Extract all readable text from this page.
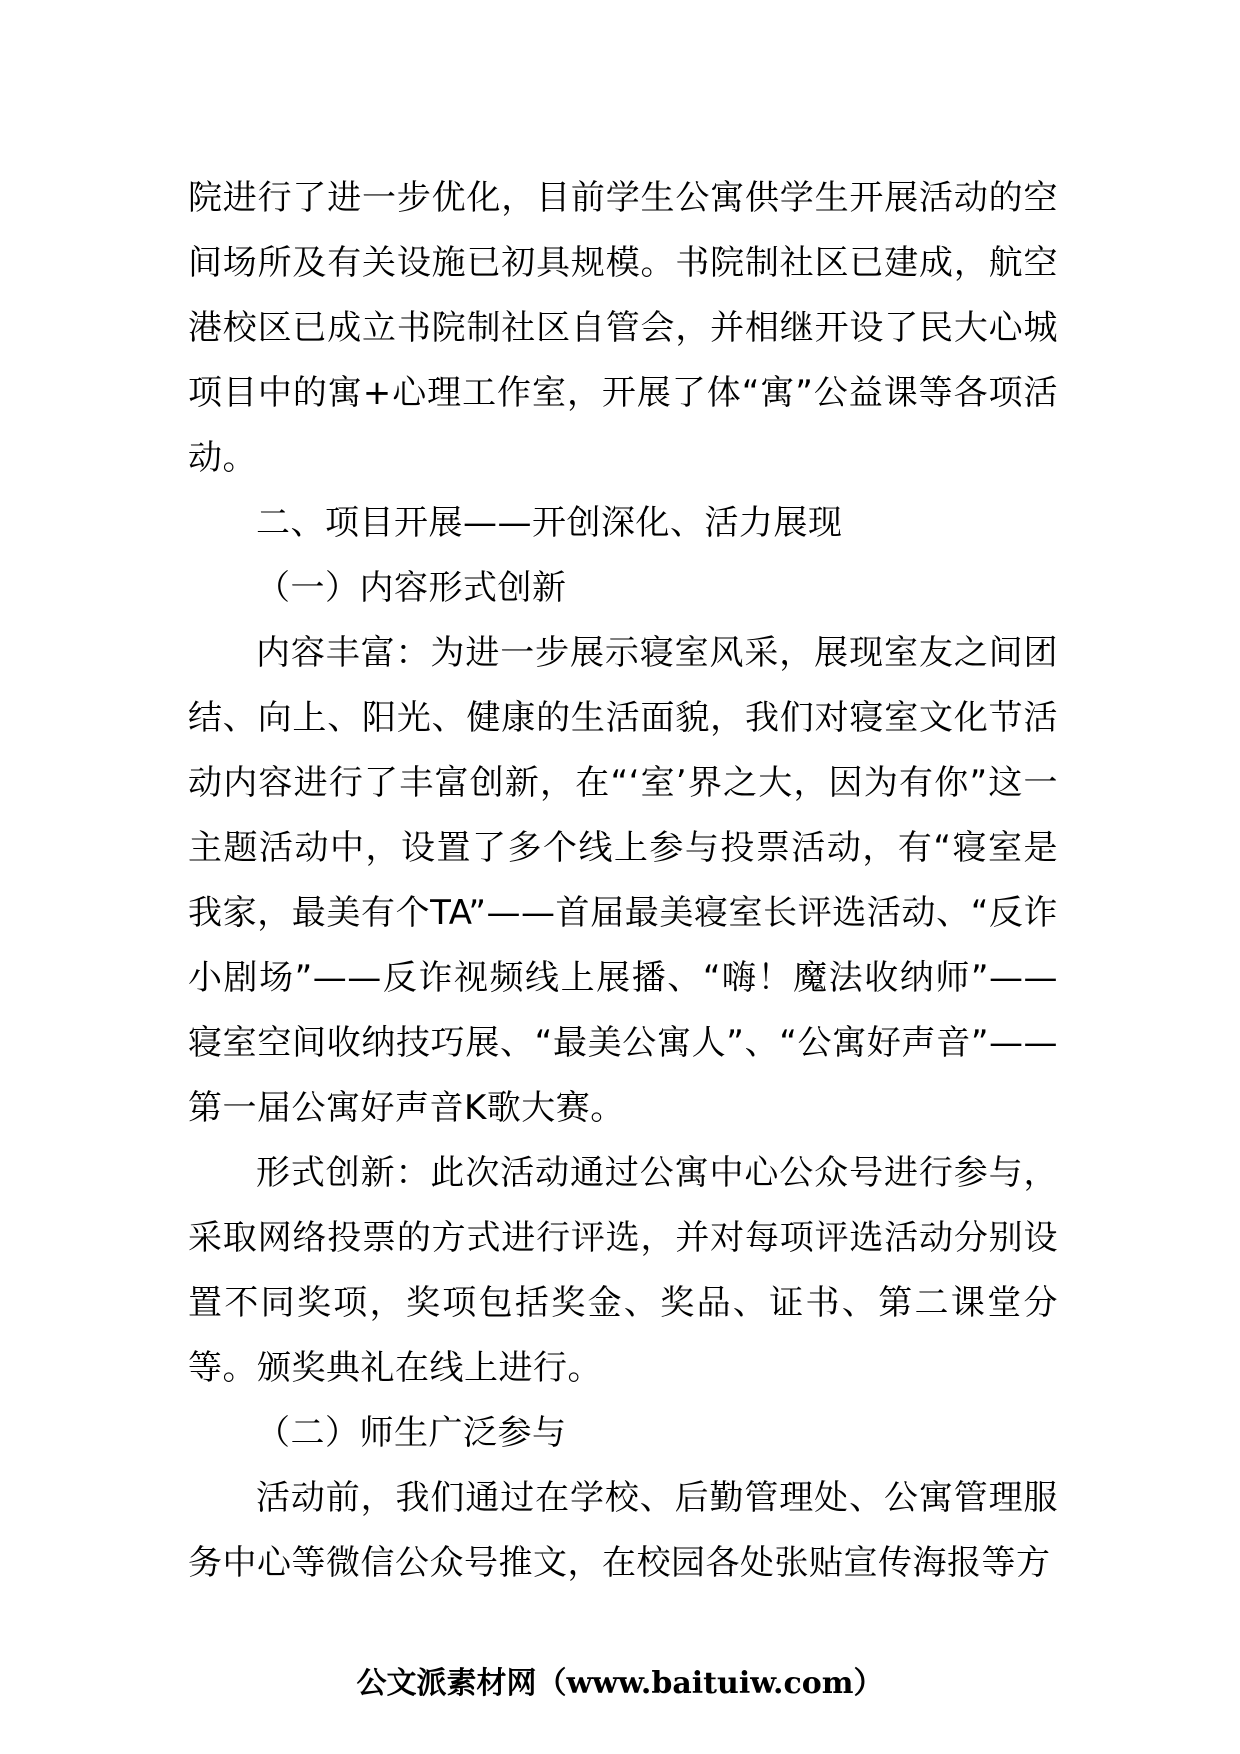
院进行了进一步优化，目前学生公寓供学生开展活动的空间场所及有关设施已初具规模。书院制社区已建成，航空港校区已成立书院制社区自管会，并相继开设了民大心城项目中的寓+心理工作室，开展了体“寓”公益课等各项活动。

二、项目开展——开创深化、活力展现

（一）内容形式创新

内容丰富：为进一步展示寝室风采，展现室友之间团结、向上、阳光、健康的生活面貌，我们对寝室文化节活动内容进行了丰富创新，在“‘室’界之大，因为有你”这一主题活动中，设置了多个线上参与投票活动，有“寝室是我家，最美有个TA”——首届最美寝室长评选活动、“反诈小剧场”——反诈视频线上展播、“嗨！魔法收纳师”——寝室空间收纳技巧展、“最美公寓人”、“公寓好声音”——第一届公寓好声音K歌大赛。

形式创新：此次活动通过公寓中心公众号进行参与，采取网络投票的方式进行评选，并对每项评选活动分别设置不同奖项，奖项包括奖金、奖品、证书、第二课堂分等。颁奖典礼在线上进行。

（二）师生广泛参与

活动前，我们通过在学校、后勤管理处、公寓管理服务中心等微信公众号推文，在校园各处张贴宣传海报等方

公文派素材网（www.baituiw.com）
